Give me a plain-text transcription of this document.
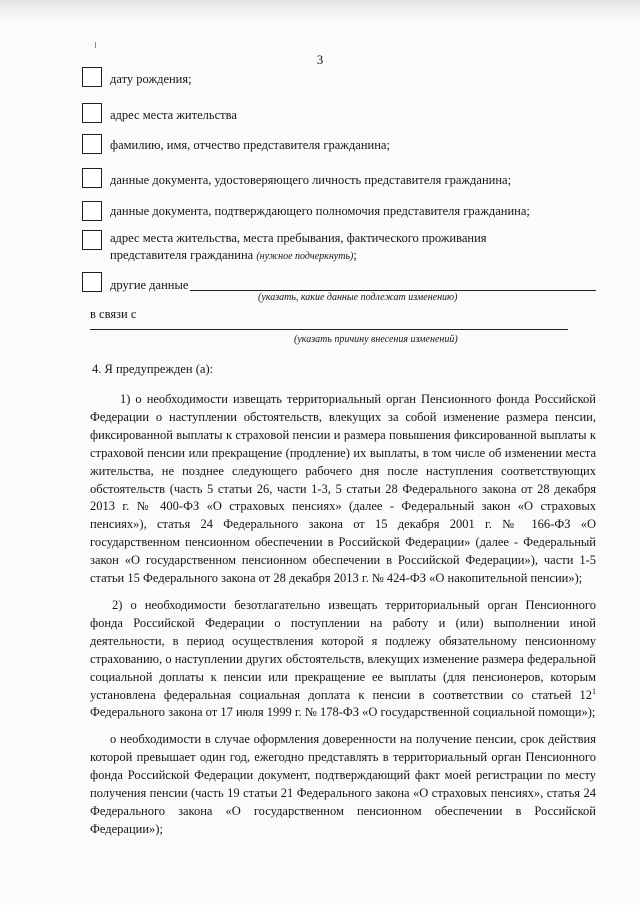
3
дату рождения;
адрес места жительства
фамилию, имя, отчество представителя гражданина;
данные документа, удостоверяющего личность представителя гражданина;
данные документа, подтверждающего полномочия представителя гражданина;
адрес места жительства, места пребывания, фактического проживания
представителя гражданина (нужное подчеркнуть);
другие данные
(указать, какие данные подлежат изменению)
в связи с
(указать причину внесения изменений)
4. Я предупрежден (а):

1) о необходимости извещать территориальный орган Пенсионного фонда Российской Федерации о наступлении обстоятельств, влекущих за собой изменение размера пенсии, фиксированной выплаты к страховой пенсии и размера повышения фиксированной выплаты к страховой пенсии или прекращение (продление) их выплаты, в том числе об изменении места жительства, не позднее следующего рабочего дня после наступления соответствующих обстоятельств (часть 5 статьи 26, части 1-3, 5 статьи 28 Федерального закона от 28 декабря 2013 г. № 400-ФЗ «О страховых пенсиях» (далее - Федеральный закон «О страховых пенсиях»), статья 24 Федерального закона от 15 декабря 2001 г. № 166-ФЗ «О государственном пенсионном обеспечении в Российской Федерации» (далее - Федеральный закон «О государственном пенсионном обеспечении в Российской Федерации»), части 1-5 статьи 15 Федерального закона от 28 декабря 2013 г. № 424-ФЗ «О накопительной пенсии»);

2) о необходимости безотлагательно извещать территориальный орган Пенсионного фонда Российской Федерации о поступлении на работу и (или) выполнении иной деятельности, в период осуществления которой я подлежу обязательному пенсионному страхованию, о наступлении других обстоятельств, влекущих изменение размера федеральной социальной доплаты к пенсии или прекращение ее выплаты (для пенсионеров, которым установлена федеральная социальная доплата к пенсии в соответствии со статьей $12^1$ Федерального закона от 17 июля 1999 г. № 178-ФЗ «О государственной социальной помощи»);

о необходимости в случае оформления доверенности на получение пенсии, срок действия которой превышает один год, ежегодно представлять в территориальный орган Пенсионного фонда Российской Федерации документ, подтверждающий факт моей регистрации по месту получения пенсии (часть 19 статьи 21 Федерального закона «О страховых пенсиях», статья 24 Федерального закона «О государственном пенсионном обеспечении в Российской Федерации»);
